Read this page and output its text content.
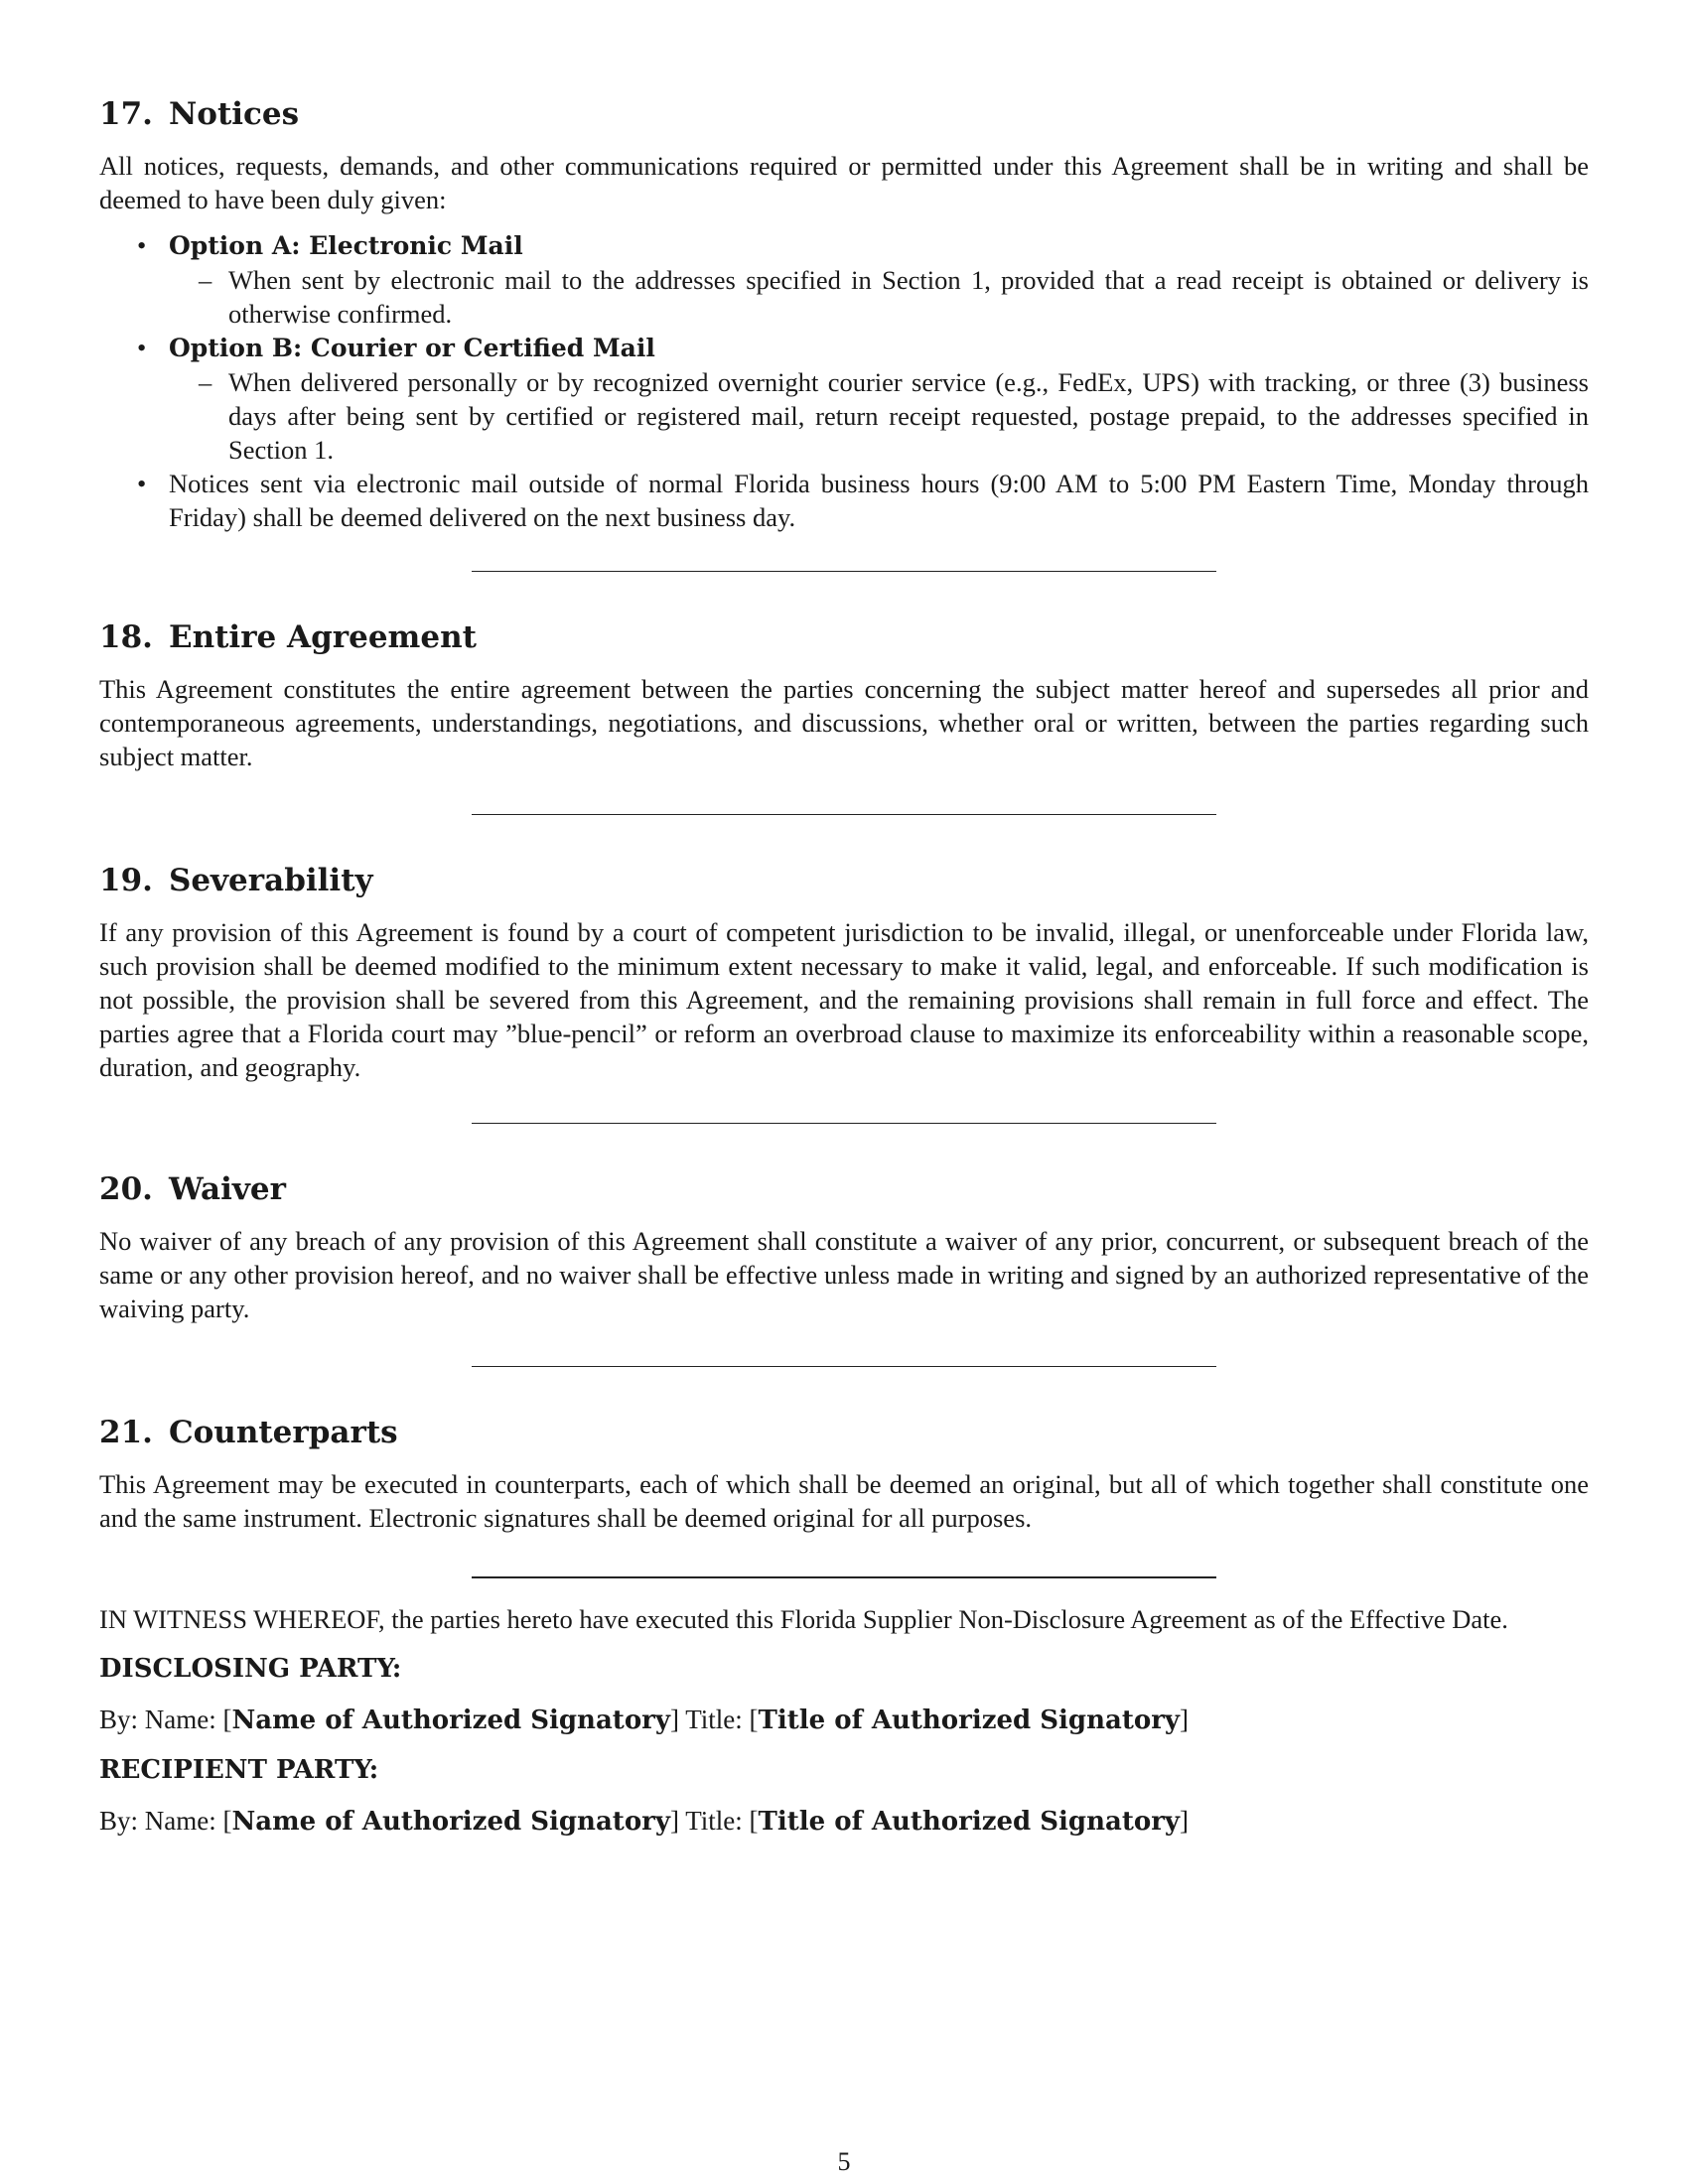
17. Notices

All notices, requests, demands, and other communications required or permitted under this Agreement shall be in writing and shall be deemed to have been duly given:

• Option A: Electronic Mail
– When sent by electronic mail to the addresses specified in Section 1, provided that a read receipt is obtained or delivery is otherwise confirmed.
• Option B: Courier or Certified Mail
– When delivered personally or by recognized overnight courier service (e.g., FedEx, UPS) with tracking, or three (3) business days after being sent by certified or registered mail, return receipt requested, postage prepaid, to the addresses specified in Section 1.
• Notices sent via electronic mail outside of normal Florida business hours (9:00 AM to 5:00 PM Eastern Time, Monday through Friday) shall be deemed delivered on the next business day.
18. Entire Agreement

This Agreement constitutes the entire agreement between the parties concerning the subject matter hereof and supersedes all prior and contemporaneous agreements, understandings, negotiations, and discussions, whether oral or written, between the parties regarding such subject matter.

19. Severability

If any provision of this Agreement is found by a court of competent jurisdiction to be invalid, illegal, or unenforceable under Florida law, such provision shall be deemed modified to the minimum extent necessary to make it valid, legal, and enforceable. If such modification is not possible, the provision shall be severed from this Agreement, and the remaining provisions shall remain in full force and effect. The parties agree that a Florida court may ”blue-pencil” or reform an overbroad clause to maximize its enforceability within a reasonable scope, duration, and geography.

20. Waiver

No waiver of any breach of any provision of this Agreement shall constitute a waiver of any prior, concurrent, or subsequent breach of the same or any other provision hereof, and no waiver shall be effective unless made in writing and signed by an authorized representative of the waiving party.

21. Counterparts

This Agreement may be executed in counterparts, each of which shall be deemed an original, but all of which together shall constitute one and the same instrument. Electronic signatures shall be deemed original for all purposes.

IN WITNESS WHEREOF, the parties hereto have executed this Florida Supplier Non-Disclosure Agreement as of the Effective Date.

DISCLOSING PARTY:

By: Name: [Name of Authorized Signatory] Title: [Title of Authorized Signatory]

RECIPIENT PARTY:

By: Name: [Name of Authorized Signatory] Title: [Title of Authorized Signatory]

5
